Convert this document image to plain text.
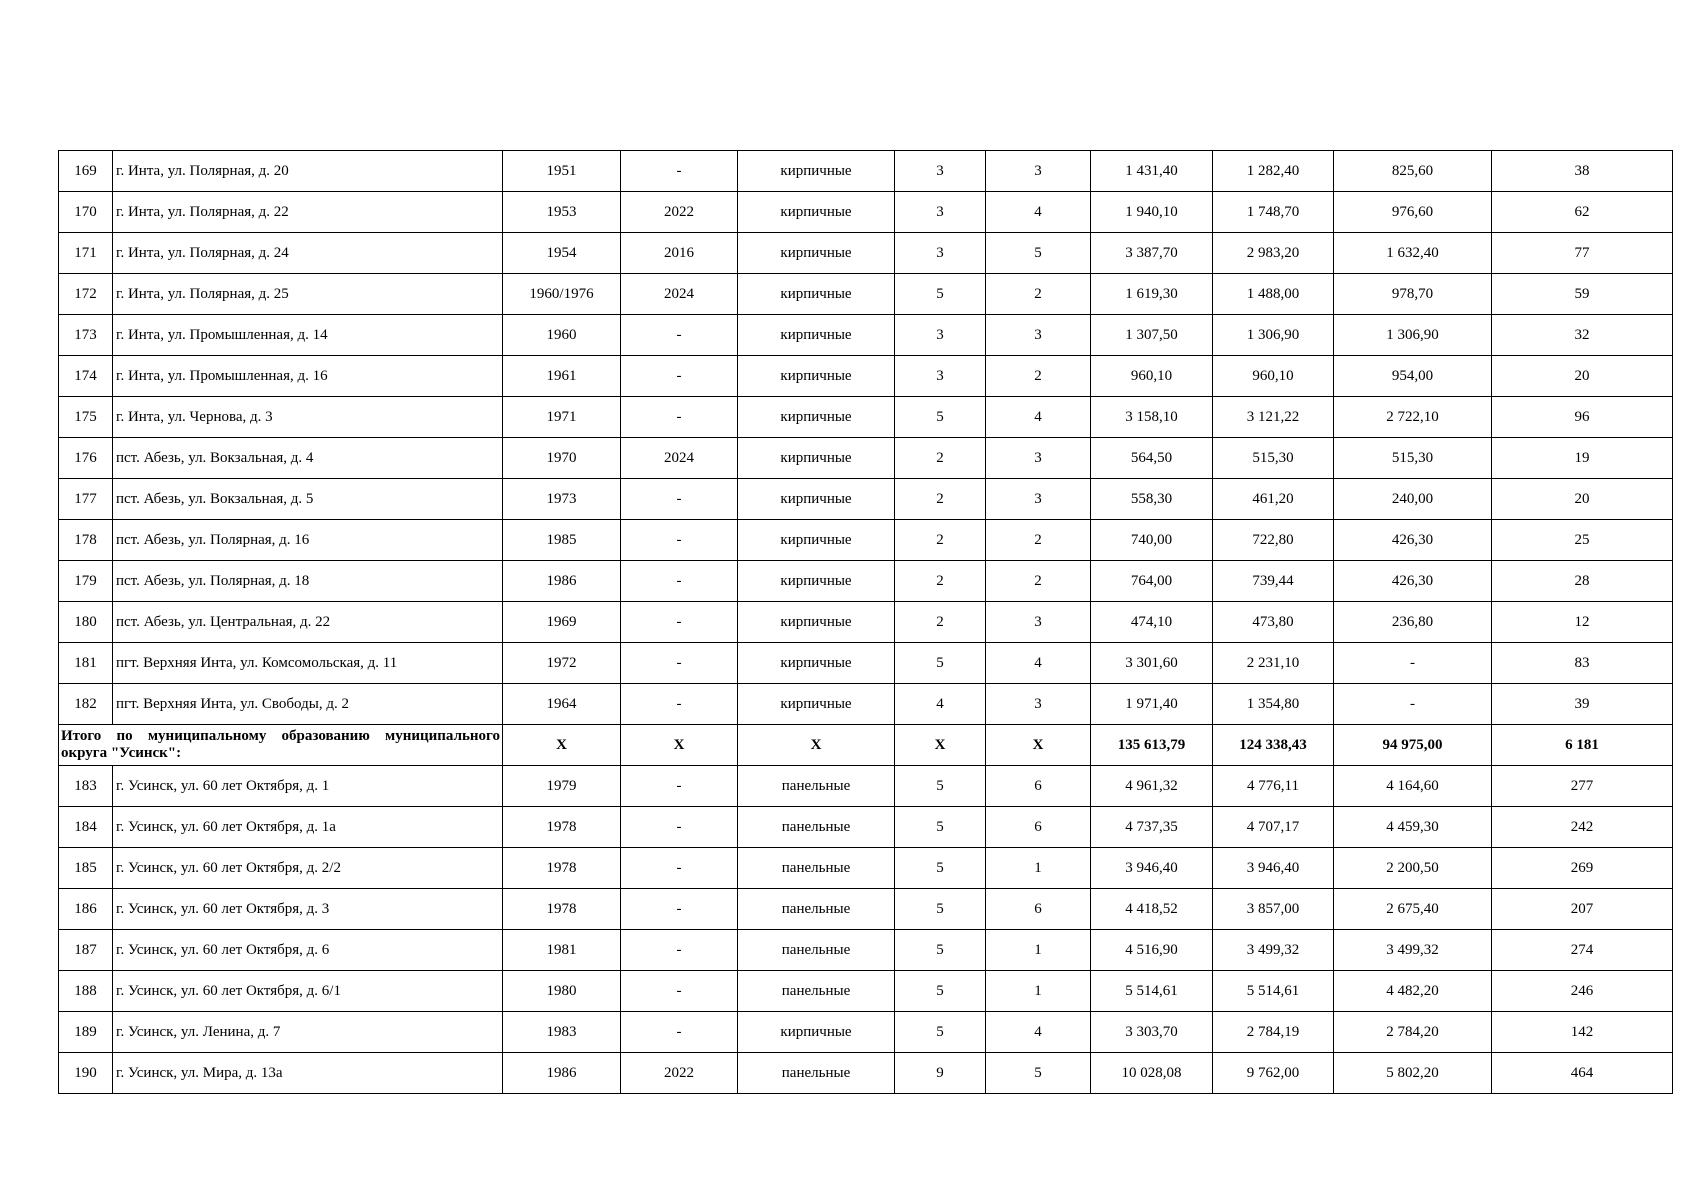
169	г. Инта, ул. Полярная, д. 20	1951	-	кирпичные	3	3	1 431,40	1 282,40	825,60	38
170	г. Инта, ул. Полярная, д. 22	1953	2022	кирпичные	3	4	1 940,10	1 748,70	976,60	62
171	г. Инта, ул. Полярная, д. 24	1954	2016	кирпичные	3	5	3 387,70	2 983,20	1 632,40	77
172	г. Инта, ул. Полярная, д. 25	1960/1976	2024	кирпичные	5	2	1 619,30	1 488,00	978,70	59
173	г. Инта, ул. Промышленная, д. 14	1960	-	кирпичные	3	3	1 307,50	1 306,90	1 306,90	32
174	г. Инта, ул. Промышленная, д. 16	1961	-	кирпичные	3	2	960,10	960,10	954,00	20
175	г. Инта, ул. Чернова, д. 3	1971	-	кирпичные	5	4	3 158,10	3 121,22	2 722,10	96
176	пст. Абезь, ул. Вокзальная, д. 4	1970	2024	кирпичные	2	3	564,50	515,30	515,30	19
177	пст. Абезь, ул. Вокзальная, д. 5	1973	-	кирпичные	2	3	558,30	461,20	240,00	20
178	пст. Абезь, ул. Полярная, д. 16	1985	-	кирпичные	2	2	740,00	722,80	426,30	25
179	пст. Абезь, ул. Полярная, д. 18	1986	-	кирпичные	2	2	764,00	739,44	426,30	28
180	пст. Абезь, ул. Центральная, д. 22	1969	-	кирпичные	2	3	474,10	473,80	236,80	12
181	пгт. Верхняя Инта, ул. Комсомольская, д. 11	1972	-	кирпичные	5	4	3 301,60	2 231,10	-	83
182	пгт. Верхняя Инта, ул. Свободы, д. 2	1964	-	кирпичные	4	3	1 971,40	1 354,80	-	39
Итого по муниципальному образованию муниципального округа "Усинск":		X	X	X	X	X	135 613,79	124 338,43	94 975,00	6 181
183	г. Усинск, ул. 60 лет Октября, д. 1	1979	-	панельные	5	6	4 961,32	4 776,11	4 164,60	277
184	г. Усинск, ул. 60 лет Октября, д. 1а	1978	-	панельные	5	6	4 737,35	4 707,17	4 459,30	242
185	г. Усинск, ул. 60 лет Октября, д. 2/2	1978	-	панельные	5	1	3 946,40	3 946,40	2 200,50	269
186	г. Усинск, ул. 60 лет Октября, д. 3	1978	-	панельные	5	6	4 418,52	3 857,00	2 675,40	207
187	г. Усинск, ул. 60 лет Октября, д. 6	1981	-	панельные	5	1	4 516,90	3 499,32	3 499,32	274
188	г. Усинск, ул. 60 лет Октября, д. 6/1	1980	-	панельные	5	1	5 514,61	5 514,61	4 482,20	246
189	г. Усинск, ул. Ленина, д. 7	1983	-	кирпичные	5	4	3 303,70	2 784,19	2 784,20	142
190	г. Усинск, ул. Мира, д. 13а	1986	2022	панельные	9	5	10 028,08	9 762,00	5 802,20	464
